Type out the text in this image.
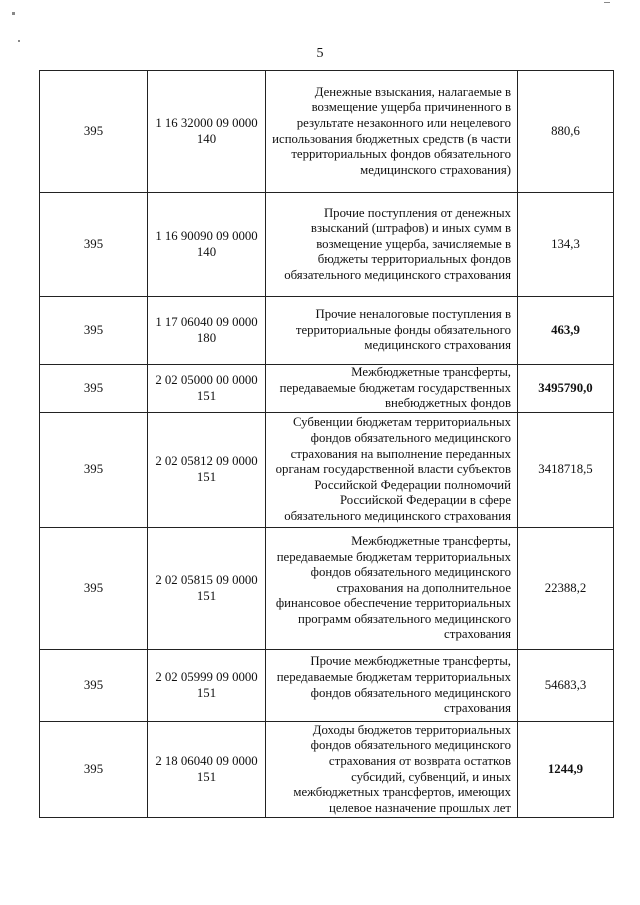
5
395	1 16 32000 09 0000 140	Денежные взыскания, налагаемые в возмещение ущерба причиненного в результате незаконного или нецелевого использования бюджетных средств (в части территориальных фондов обязательного медицинского страхования)	880,6
395	1 16 90090 09 0000 140	Прочие поступления от денежных взысканий (штрафов) и иных сумм в возмещение ущерба, зачисляемые в бюджеты территориальных фондов обязательного медицинского страхования	134,3
395	1 17 06040 09 0000 180	Прочие неналоговые поступления в территориальные фонды обязательного медицинского страхования	463,9
395	2 02 05000 00 0000 151	Межбюджетные трансферты, передаваемые бюджетам государственных внебюджетных фондов	3495790,0
395	2 02 05812 09 0000 151	Субвенции бюджетам территориальных фондов обязательного медицинского страхования на выполнение переданных органам государственной власти субъектов Российской Федерации полномочий Российской Федерации в сфере обязательного медицинского страхования	3418718,5
395	2 02 05815 09 0000 151	Межбюджетные трансферты, передаваемые бюджетам территориальных фондов обязательного медицинского страхования на дополнительное финансовое обеспечение территориальных программ обязательного медицинского страхования	22388,2
395	2 02 05999 09 0000 151	Прочие межбюджетные трансферты, передаваемые бюджетам территориальных фондов обязательного медицинского страхования	54683,3
395	2 18 06040 09 0000 151	Доходы бюджетов территориальных фондов обязательного медицинского страхования от возврата остатков субсидий, субвенций, и иных межбюджетных трансфертов, имеющих целевое назначение прошлых лет	1244,9
